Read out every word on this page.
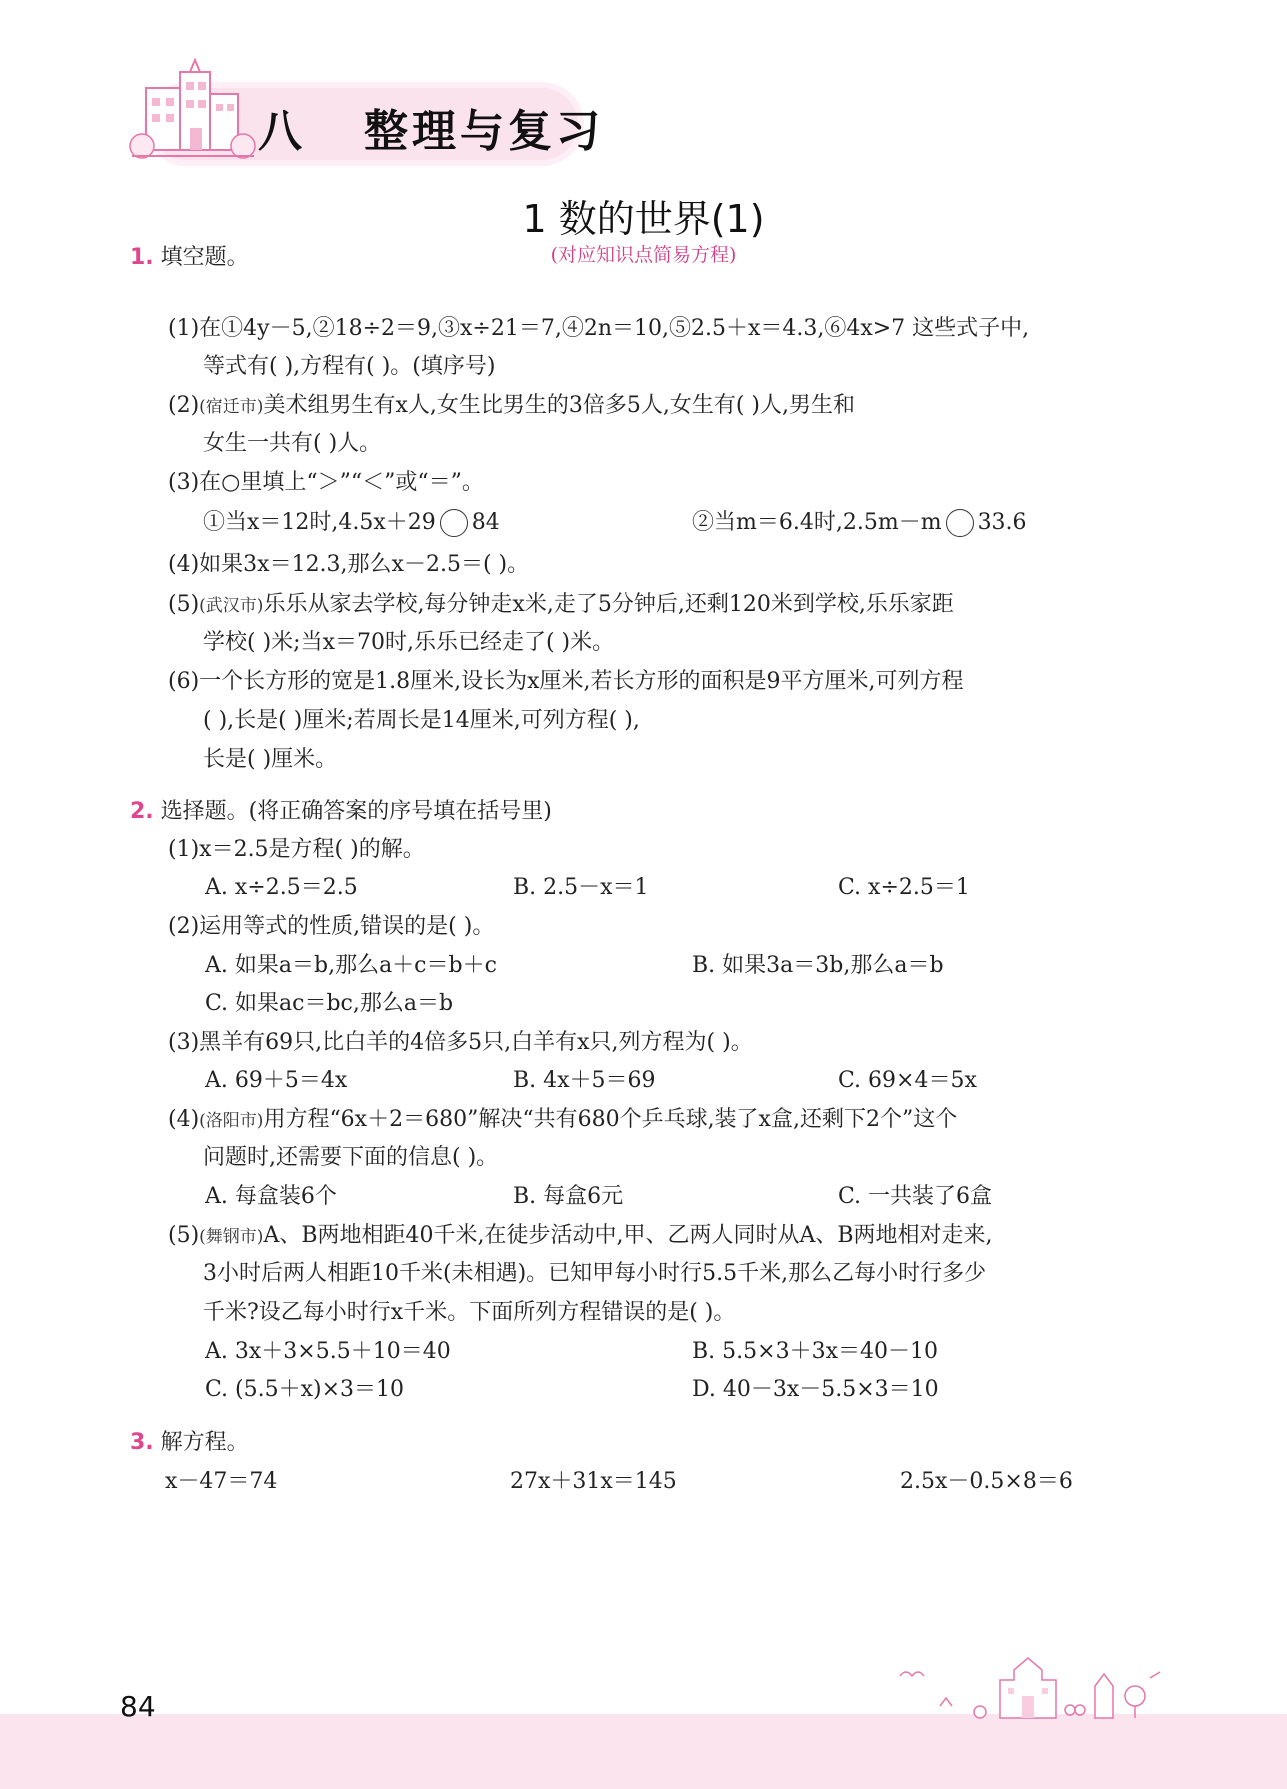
八 整理与复习
1 数的世界(1)
(对应知识点简易方程)
1. 填空题。
(1)在①4y－5,②18÷2＝9,③x÷21＝7,④2n＝10,⑤2.5＋x＝4.3,⑥4x>7 这些式子中,
等式有( ),方程有( )。(填序号)
(2)(宿迁市)美术组男生有x人,女生比男生的3倍多5人,女生有( )人,男生和
女生一共有( )人。
(3)在○里填上“＞”“＜”或“＝”。
①当x＝12时,4.5x＋29 84	②当m＝6.4时,2.5m－m 33.6
(4)如果3x＝12.3,那么x－2.5＝( )。
(5)(武汉市)乐乐从家去学校,每分钟走x米,走了5分钟后,还剩120米到学校,乐乐家距
学校( )米;当x＝70时,乐乐已经走了( )米。
(6)一个长方形的宽是1.8厘米,设长为x厘米,若长方形的面积是9平方厘米,可列方程
( ),长是( )厘米;若周长是14厘米,可列方程( ),
长是( )厘米。
2. 选择题。(将正确答案的序号填在括号里)
(1)x＝2.5是方程( )的解。
A. x÷2.5＝2.5	B. 2.5－x＝1	C. x÷2.5＝1
(2)运用等式的性质,错误的是( )。
A. 如果a＝b,那么a＋c＝b＋c	B. 如果3a＝3b,那么a＝b
C. 如果ac＝bc,那么a＝b
(3)黑羊有69只,比白羊的4倍多5只,白羊有x只,列方程为( )。
A. 69＋5＝4x	B. 4x＋5＝69	C. 69×4＝5x
(4)(洛阳市)用方程“6x＋2＝680”解决“共有680个乒乓球,装了x盒,还剩下2个”这个
问题时,还需要下面的信息( )。
A. 每盒装6个	B. 每盒6元	C. 一共装了6盒
(5)(舞钢市)A、B两地相距40千米,在徒步活动中,甲、乙两人同时从A、B两地相对走来,
3小时后两人相距10千米(未相遇)。已知甲每小时行5.5千米,那么乙每小时行多少
千米?设乙每小时行x千米。下面所列方程错误的是( )。
A. 3x＋3×5.5＋10＝40	B. 5.5×3＋3x＝40－10
C. (5.5＋x)×3＝10	D. 40－3x－5.5×3＝10
3. 解方程。
x－47＝74	27x＋31x＝145	2.5x－0.5×8＝6
84
